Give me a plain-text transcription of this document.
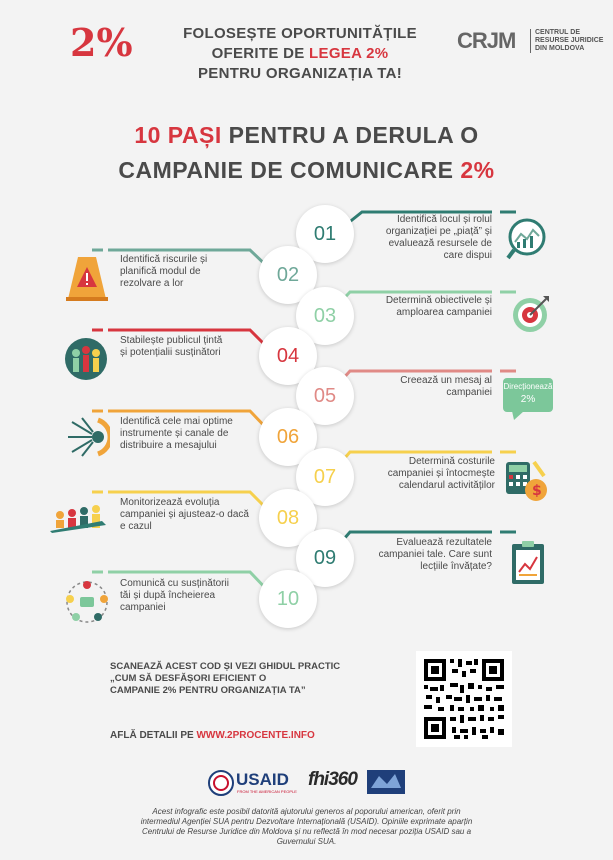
2%	FOLOSEȘTE OPORTUNITĂȚILE
OFERITE DE LEGEA 2%
PENTRU ORGANIZAȚIA TA!
CRJM	CENTRUL DE
RESURSE JURIDICE
DIN MOLDOVA
10 PAȘI PENTRU A DERULA O
CAMPANIE DE COMUNICARE 2%
01
02
03
04
05
06
07
08
09
10
Identifică locul și rolul organizației pe „piață” și evaluează resursele de care dispui
Identifică riscurile și planifică modul de rezolvare a lor
Determină obiectivele și amploarea campaniei
Stabilește publicul țintă și potențialii susținători
Creează un mesaj al campaniei
Identifică cele mai optime instrumente și canale de distribuire a mesajului
Determină costurile campaniei și întocmește calendarul activităților
Monitorizează evoluția campaniei și ajusteaz-o dacă e cazul
Evaluează rezultatele campaniei tale. Care sunt lecțiile învățate?
Comunică cu susținătorii tăi și după încheierea campaniei
Direcționează
2%
$
SCANEAZĂ ACEST COD ȘI VEZI GHIDUL PRACTIC
„CUM SĂ DESFĂȘORI EFICIENT O
CAMPANIE 2% PENTRU ORGANIZAȚIA TA”
AFLĂ DETALII PE WWW.2PROCENTE.INFO
USAID
FROM THE AMERICAN PEOPLE
fhi360
Acest infografic este posibil datorită ajutorului generos al poporului american, oferit prin
intermediul Agenției SUA pentru Dezvoltare Internațională (USAID). Opiniile exprimate aparțin
Centrului de Resurse Juridice din Moldova și nu reflectă în mod necesar poziția USAID sau a
Guvernului SUA.
